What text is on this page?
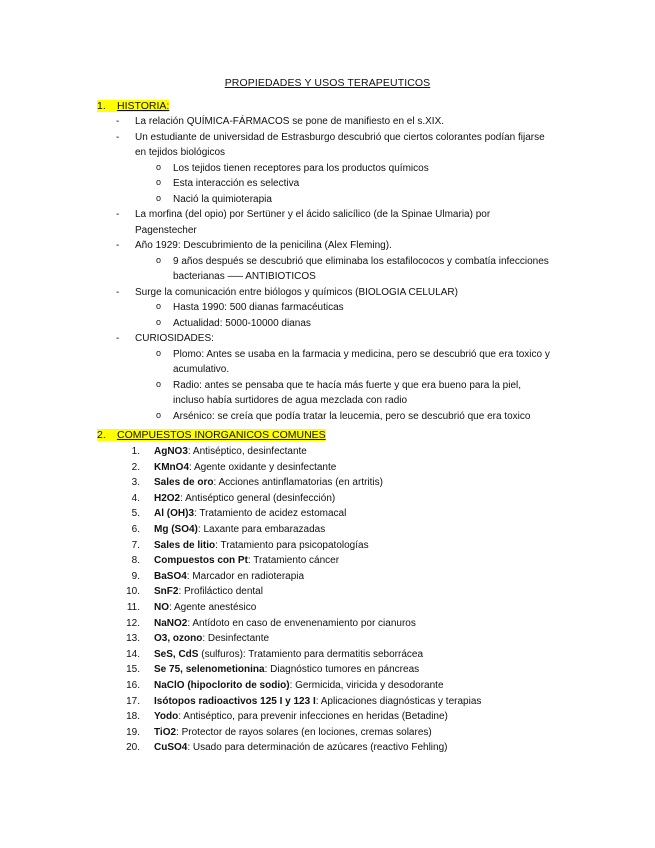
PROPIEDADES Y USOS TERAPEUTICOS
1. HISTORIA:
- La relación QUÍMICA-FÁRMACOS se pone de manifiesto en el s.XIX.
- Un estudiante de universidad de Estrasburgo descubrió que ciertos colorantes podían fijarse
en tejidos biológicos
o Los tejidos tienen receptores para los productos químicos
o Esta interacción es selectiva
o Nació la quimioterapia
- La morfina (del opio) por Sertüner y el ácido salicílico (de la Spinae Ulmaria) por
Pagenstecher
- Año 1929: Descubrimiento de la penicilina (Alex Fleming).
o 9 años después se descubrió que eliminaba los estafilococos y combatía infecciones
bacterianas —– ANTIBIOTICOS
- Surge la comunicación entre biólogos y químicos (BIOLOGIA CELULAR)
o Hasta 1990: 500 dianas farmacéuticas
o Actualidad: 5000-10000 dianas
- CURIOSIDADES:
o Plomo: Antes se usaba en la farmacia y medicina, pero se descubrió que era toxico y
acumulativo.
o Radio: antes se pensaba que te hacía más fuerte y que era bueno para la piel,
incluso había surtidores de agua mezclada con radio
o Arsénico: se creía que podía tratar la leucemia, pero se descubrió que era toxico
2. COMPUESTOS INORGANICOS COMUNES
1. AgNO3: Antiséptico, desinfectante
2. KMnO4: Agente oxidante y desinfectante
3. Sales de oro: Acciones antinflamatorias (en artritis)
4. H2O2: Antiséptico general (desinfección)
5. Al (OH)3: Tratamiento de acidez estomacal
6. Mg (SO4): Laxante para embarazadas
7. Sales de litio: Tratamiento para psicopatologías
8. Compuestos con Pt: Tratamiento cáncer
9. BaSO4: Marcador en radioterapia
10. SnF2: Profiláctico dental
11. NO: Agente anestésico
12. NaNO2: Antídoto en caso de envenenamiento por cianuros
13. O3, ozono: Desinfectante
14. SeS, CdS (sulfuros): Tratamiento para dermatitis seborrácea
15. Se 75, selenometionina: Diagnóstico tumores en páncreas
16. NaClO (hipoclorito de sodio): Germicida, viricida y desodorante
17. Isótopos radioactivos 125 I y 123 I: Aplicaciones diagnósticas y terapias
18. Yodo: Antiséptico, para prevenir infecciones en heridas (Betadine)
19. TiO2: Protector de rayos solares (en lociones, cremas solares)
20. CuSO4: Usado para determinación de azúcares (reactivo Fehling)
